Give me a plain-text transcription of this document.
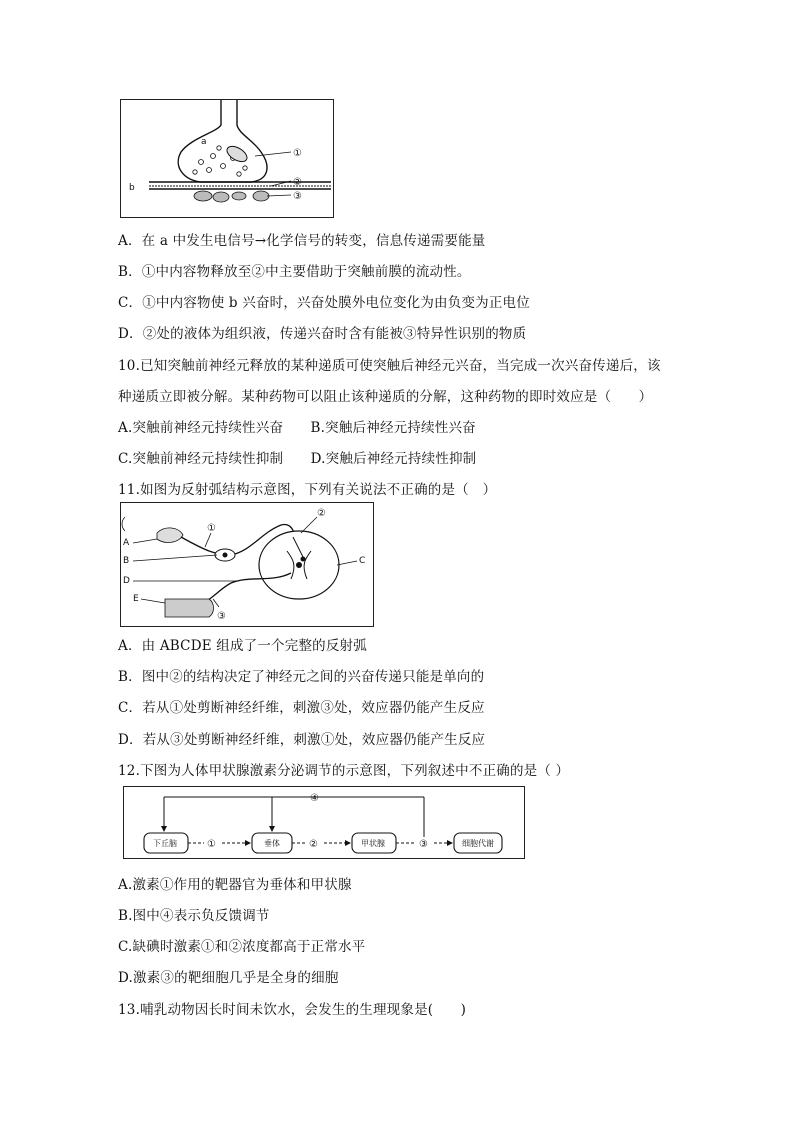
a
b
①
②
③
A．在 a 中发生电信号→化学信号的转变，信息传递需要能量
B．①中内容物释放至②中主要借助于突触前膜的流动性。
C．①中内容物使 b 兴奋时，兴奋处膜外电位变化为由负变为正电位
D．②处的液体为组织液，传递兴奋时含有能被③特异性识别的物质
10.已知突触前神经元释放的某种递质可使突触后神经元兴奋，当完成一次兴奋传递后，该
种递质立即被分解。某种药物可以阻止该种递质的分解，这种药物的即时效应是（　　）
A.突触前神经元持续性兴奋　　B.突触后神经元持续性兴奋
C.突触前神经元持续性抑制　　D.突触后神经元持续性抑制
11.如图为反射弧结构示意图，下列有关说法不正确的是（　）
A
B
D
E
C
①
②
③
A．由 ABCDE 组成了一个完整的反射弧
B．图中②的结构决定了神经元之间的兴奋传递只能是单向的
C．若从①处剪断神经纤维，刺激③处，效应器仍能产生反应
D．若从③处剪断神经纤维，刺激①处，效应器仍能产生反应
12.下图为人体甲状腺激素分泌调节的示意图，下列叙述中不正确的是（ ）
④
下丘脑	垂体	甲状腺	细胞代谢
①	②	③
A.激素①作用的靶器官为垂体和甲状腺
B.图中④表示负反馈调节
C.缺碘时激素①和②浓度都高于正常水平
D.激素③的靶细胞几乎是全身的细胞
13.哺乳动物因长时间未饮水，会发生的生理现象是(　　)
